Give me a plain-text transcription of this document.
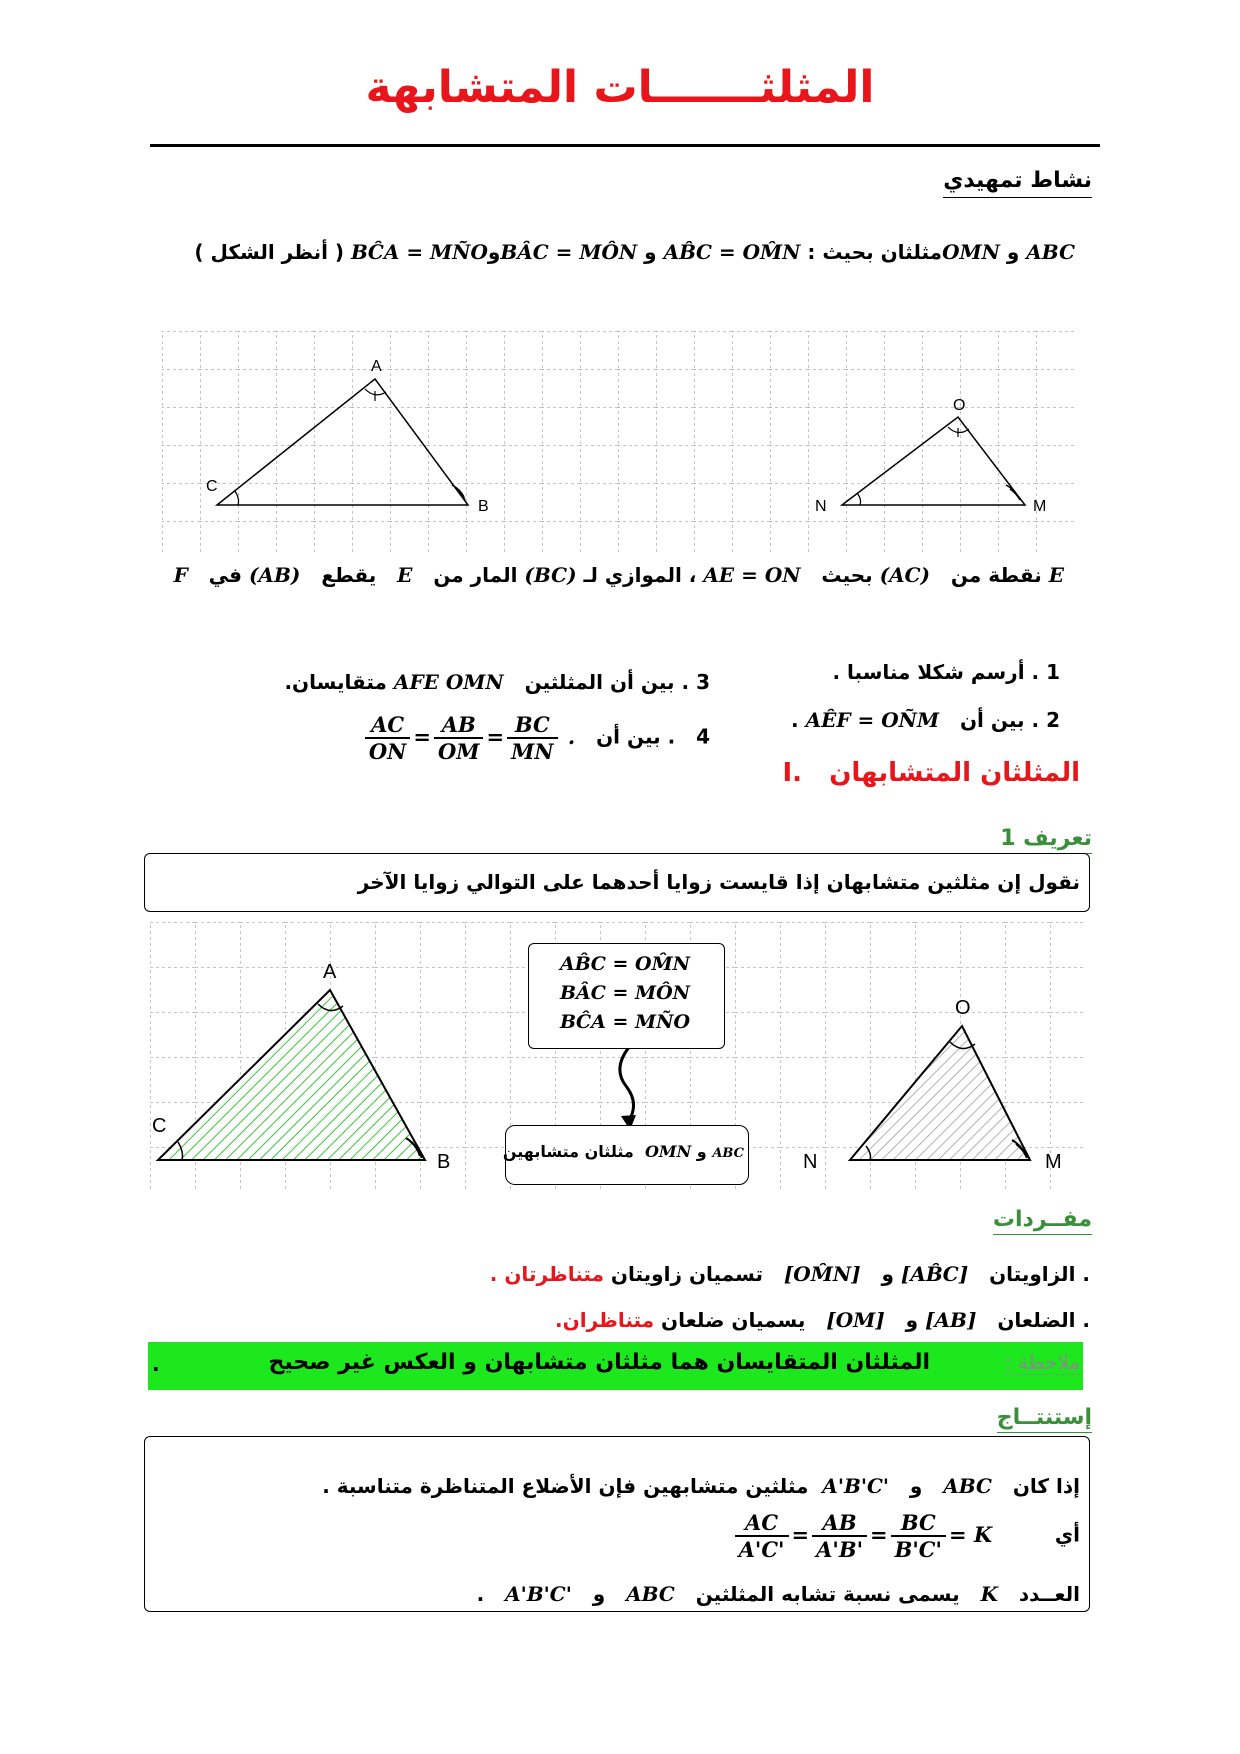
المثلثـــــــات المتشابهة
نشاط تمهيدي
ABC و OMNمثلثان بحيث : AB̂C = OM̂N و BÂC = MÔNوBĈA = MÑO ( أنظر الشكل )
A
B
C
O
M
N
E نقطة من   (AC) بحيث   AE = ON ، الموازي لـ (BC) المار من   E   يقطع   (AB) في   F
1 . أرسم شكلا مناسبا .
2 . بين أن   AÊF = OÑM .
3 . بين أن المثلثين   OMN AFE متقايسان.
4   . بين أن
$\frac{AC}{ON} = \frac{AB}{OM} = \frac{BC}{MN}$ .
I. المثلثان المتشابهان
تعريف 1
نقول إن مثلثين متشابهان إذا قايست زوايا أحدهما على التوالي زوايا الآخر
A
B
C
O
M
N
AB̂C = OM̂N
BÂC = MÔN
BĈA = MÑO
ABC و OMN  مثلثان متشابهين
مفــردات
. الزاويتان   [AB̂C] و   [OM̂N]   تسميان زاويتان متناظرتان .
. الضلعان   [AB] و   [OM]   يسميان ضلعان متناظران.
ملاحظة :
المثلثان المتقايسان هما مثلثان متشابهان و العكس غير صحيح
.
إستنتــاج
إذا كان   ABC   و   A'B'C'  مثلثين متشابهين فإن الأضلاع المتناظرة متناسبة .
أي
$\frac{AC}{A'C'} = \frac{AB}{A'B'} = \frac{BC}{B'C'} = K$
العــدد   K   يسمى نسبة تشابه المثلثين   ABC   و   A'B'C'   .
